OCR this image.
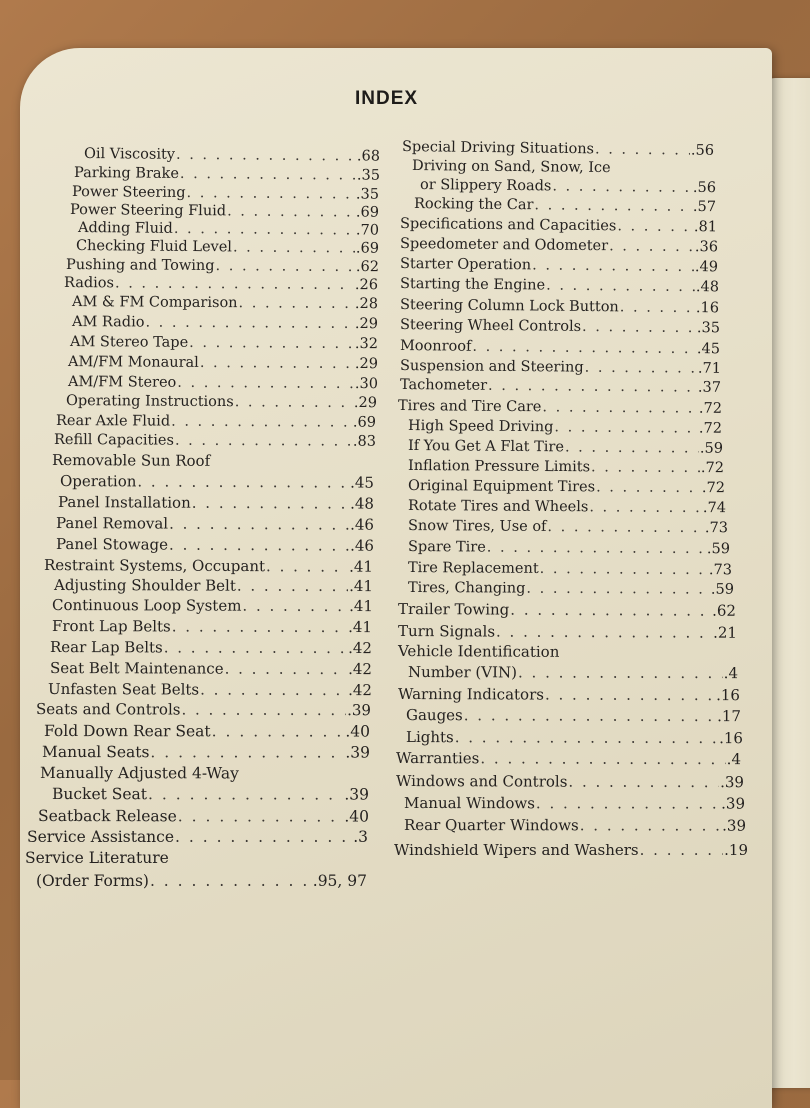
INDEX
Oil Viscosity . . .	.68
Parking Brake . . .	.35
Power Steering . . .	.35
Power Steering Fluid . . .	.69
Adding Fluid . . .	.70
Checking Fluid Level . . .	.69
Pushing and Towing . . .	.62
Radios . . .	.26
AM & FM Comparison . . .	.28
AM Radio . . .	.29
AM Stereo Tape . . .	.32
AM/FM Monaural . . .	.29
AM/FM Stereo . . .	.30
Operating Instructions . . .	.29
Rear Axle Fluid . . .	.69
Refill Capacities . . .	.83
Removable Sun Roof
Operation . . .	.45
Panel Installation . . .	.48
Panel Removal . . .	.46
Panel Stowage . . .	.46
Restraint Systems, Occupant . . .	.41
Adjusting Shoulder Belt . . .	.41
Continuous Loop System . . .	.41
Front Lap Belts . . .	.41
Rear Lap Belts . . .	.42
Seat Belt Maintenance . . .	.42
Unfasten Seat Belts . . .	.42
Seats and Controls . . .	.39
Fold Down Rear Seat . . .	.40
Manual Seats . . .	.39
Manually Adjusted 4-Way
Bucket Seat . . .	.39
Seatback Release . . .	.40
Service Assistance . . .	.3
Service Literature
(Order Forms) . . .	.95, 97
Special Driving Situations . . .	.56
Driving on Sand, Snow, Ice
or Slippery Roads . . .	.56
Rocking the Car . . .	.57
Specifications and Capacities . . .	.81
Speedometer and Odometer . . .	.36
Starter Operation . . .	.49
Starting the Engine . . .	.48
Steering Column Lock Button . . .	.16
Steering Wheel Controls . . .	.35
Moonroof . . .	.45
Suspension and Steering . . .	.71
Tachometer . . .	.37
Tires and Tire Care . . .	.72
High Speed Driving . . .	.72
If You Get A Flat Tire . . .	.59
Inflation Pressure Limits . . .	.72
Original Equipment Tires . . .	.72
Rotate Tires and Wheels . . .	.74
Snow Tires, Use of . . .	.73
Spare Tire . . .	.59
Tire Replacement . . .	.73
Tires, Changing . . .	.59
Trailer Towing . . .	.62
Turn Signals . . .	.21
Vehicle Identification
Number (VIN) . . .	.4
Warning Indicators . . .	.16
Gauges . . .	.17
Lights . . .	.16
Warranties . . .	.4
Windows and Controls . . .	.39
Manual Windows . . .	.39
Rear Quarter Windows . . .	.39
Windshield Wipers and Washers . . .	.19
